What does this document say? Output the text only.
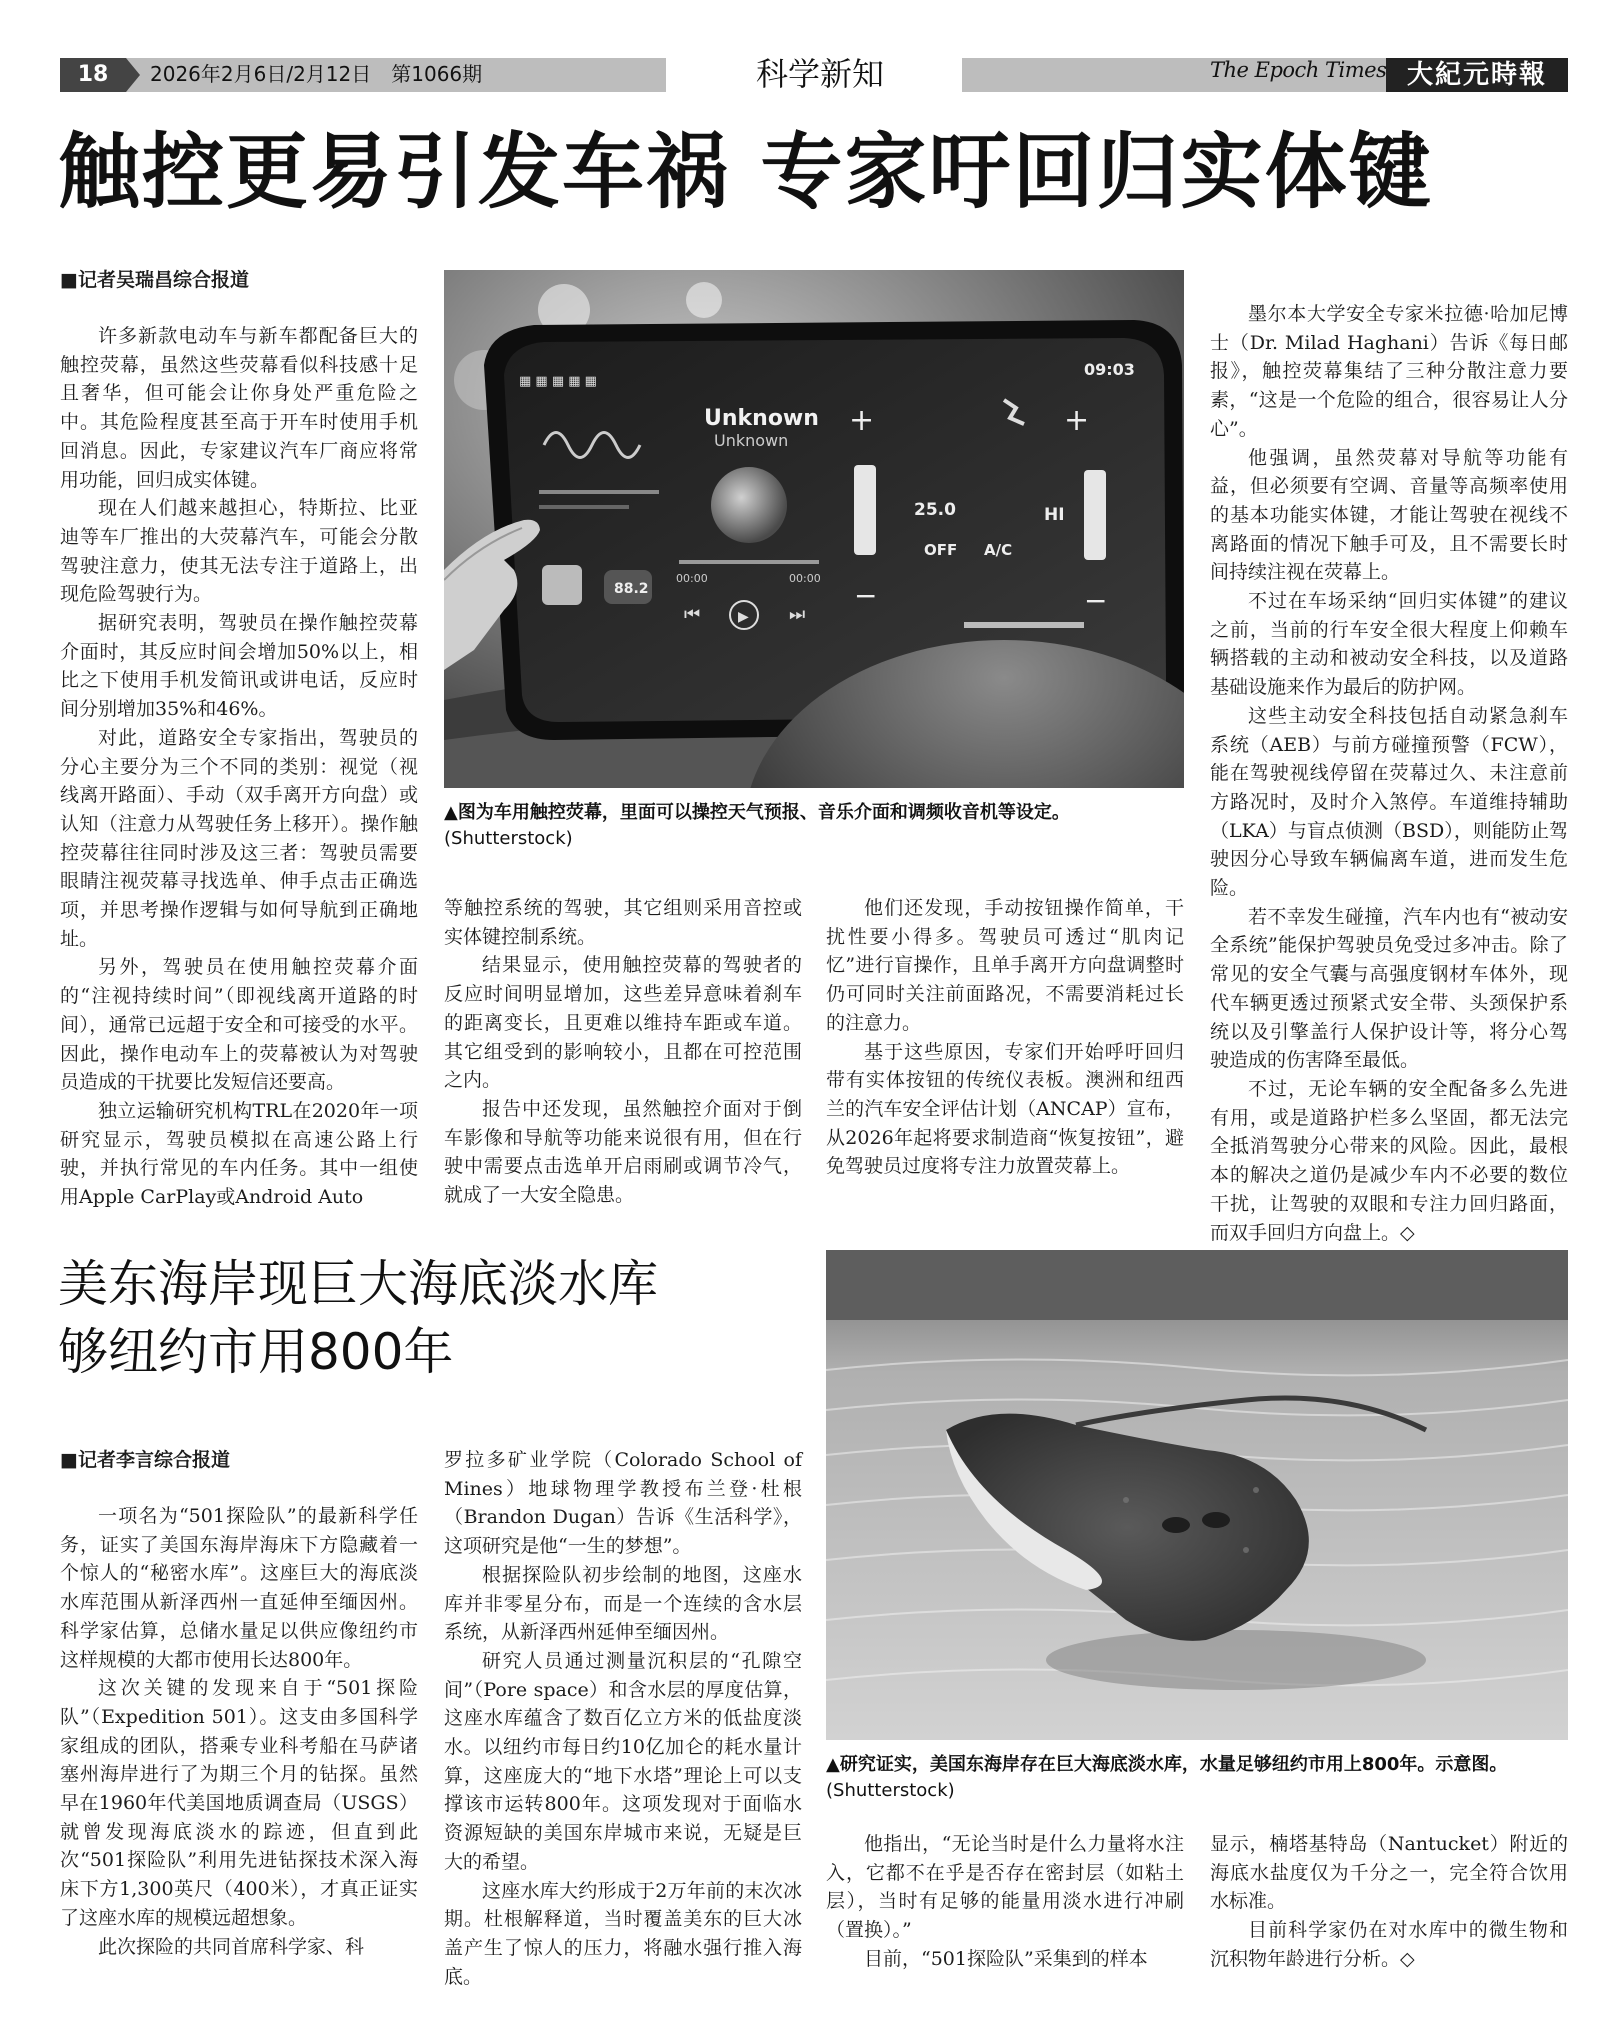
18	2026年2月6日/2月12日　第1066期	科学新知	The Epoch Times 大紀元時報
触控更易引发车祸 专家吁回归实体键

■记者吴瑞昌综合报道

许多新款电动车与新车都配备巨大的触控荧幕，虽然这些荧幕看似科技感十足且奢华，但可能会让你身处严重危险之中。其危险程度甚至高于开车时使用手机回消息。因此，专家建议汽车厂商应将常用功能，回归成实体键。

现在人们越来越担心，特斯拉、比亚迪等车厂推出的大荧幕汽车，可能会分散驾驶注意力，使其无法专注于道路上，出现危险驾驶行为。

据研究表明，驾驶员在操作触控荧幕介面时，其反应时间会增加50%以上，相比之下使用手机发简讯或讲电话，反应时间分别增加35%和46%。

对此，道路安全专家指出，驾驶员的分心主要分为三个不同的类别：视觉（视线离开路面）、手动（双手离开方向盘）或认知（注意力从驾驶任务上移开）。操作触控荧幕往往同时涉及这三者：驾驶员需要眼睛注视荧幕寻找选单、伸手点击正确选项，并思考操作逻辑与如何导航到正确地址。

另外，驾驶员在使用触控荧幕介面的“注视持续时间”（即视线离开道路的时间），通常已远超于安全和可接受的水平。因此，操作电动车上的荧幕被认为对驾驶员造成的干扰要比发短信还要高。

独立运输研究机构TRL在2020年一项研究显示，驾驶员模拟在高速公路上行驶，并执行常见的车内任务。其中一组使用Apple CarPlay或Android Auto

▦ ▦ ▦ ▦ ▦
09:03
88.2
Unknown
Unknown
00:00	00:00
⏮	▶ ⏭
+	+
25.0	HI
OFF A/C
−	−
▲图为车用触控荧幕，里面可以操控天气预报、音乐介面和调频收音机等设定。
(Shutterstock)

等触控系统的驾驶，其它组则采用音控或实体键控制系统。

结果显示，使用触控荧幕的驾驶者的反应时间明显增加，这些差异意味着刹车的距离变长，且更难以维持车距或车道。其它组受到的影响较小，且都在可控范围之内。

报告中还发现，虽然触控介面对于倒车影像和导航等功能来说很有用，但在行驶中需要点击选单开启雨刷或调节冷气，就成了一大安全隐患。

他们还发现，手动按钮操作简单，干扰性要小得多。驾驶员可透过“肌肉记忆”进行盲操作，且单手离开方向盘调整时仍可同时关注前面路况，不需要消耗过长的注意力。

基于这些原因，专家们开始呼吁回归带有实体按钮的传统仪表板。澳洲和纽西兰的汽车安全评估计划（ANCAP）宣布，从2026年起将要求制造商“恢复按钮”，避免驾驶员过度将专注力放置荧幕上。

墨尔本大学安全专家米拉德·哈加尼博士（Dr. Milad Haghani）告诉《每日邮报》，触控荧幕集结了三种分散注意力要素，“这是一个危险的组合，很容易让人分心”。

他强调，虽然荧幕对导航等功能有益，但必须要有空调、音量等高频率使用的基本功能实体键，才能让驾驶在视线不离路面的情况下触手可及，且不需要长时间持续注视在荧幕上。

不过在车场采纳“回归实体键”的建议之前，当前的行车安全很大程度上仰赖车辆搭载的主动和被动安全科技，以及道路基础设施来作为最后的防护网。

这些主动安全科技包括自动紧急刹车系统（AEB）与前方碰撞预警（FCW），能在驾驶视线停留在荧幕过久、未注意前方路况时，及时介入煞停。车道维持辅助（LKA）与盲点侦测（BSD），则能防止驾驶因分心导致车辆偏离车道，进而发生危险。

若不幸发生碰撞，汽车内也有“被动安全系统”能保护驾驶员免受过多冲击。除了常见的安全气囊与高强度钢材车体外，现代车辆更透过预紧式安全带、头颈保护系统以及引擎盖行人保护设计等，将分心驾驶造成的伤害降至最低。

不过，无论车辆的安全配备多么先进有用，或是道路护栏多么坚固，都无法完全抵消驾驶分心带来的风险。因此，最根本的解决之道仍是减少车内不必要的数位干扰，让驾驶的双眼和专注力回归路面，而双手回归方向盘上。◇

美东海岸现巨大海底淡水库
够纽约市用800年

■记者李言综合报道

一项名为“501探险队”的最新科学任务，证实了美国东海岸海床下方隐藏着一个惊人的“秘密水库”。这座巨大的海底淡水库范围从新泽西州一直延伸至缅因州。科学家估算，总储水量足以供应像纽约市这样规模的大都市使用长达800年。

这次关键的发现来自于“501探险队”（Expedition 501）。这支由多国科学家组成的团队，搭乘专业科考船在马萨诸塞州海岸进行了为期三个月的钻探。虽然早在1960年代美国地质调查局（USGS）就曾发现海底淡水的踪迹，但直到此次“501探险队”利用先进钻探技术深入海床下方1,300英尺（400米），才真正证实了这座水库的规模远超想象。

此次探险的共同首席科学家、科

罗拉多矿业学院（Colorado School of Mines）地球物理学教授布兰登·杜根（Brandon Dugan）告诉《生活科学》，这项研究是他“一生的梦想”。

根据探险队初步绘制的地图，这座水库并非零星分布，而是一个连续的含水层系统，从新泽西州延伸至缅因州。

研究人员通过测量沉积层的“孔隙空间”（Pore space）和含水层的厚度估算，这座水库蕴含了数百亿立方米的低盐度淡水。以纽约市每日约10亿加仑的耗水量计算，这座庞大的“地下水塔”理论上可以支撑该市运转800年。这项发现对于面临水资源短缺的美国东岸城市来说，无疑是巨大的希望。

这座水库大约形成于2万年前的末次冰期。杜根解释道，当时覆盖美东的巨大冰盖产生了惊人的压力，将融水强行推入海底。

▲研究证实，美国东海岸存在巨大海底淡水库，水量足够纽约市用上800年。示意图。
(Shutterstock)

他指出，“无论当时是什么力量将水注入，它都不在乎是否存在密封层（如粘土层），当时有足够的能量用淡水进行冲刷（置换）。”

目前，“501探险队”采集到的样本

显示，楠塔基特岛（Nantucket）附近的海底水盐度仅为千分之一，完全符合饮用水标准。

目前科学家仍在对水库中的微生物和沉积物年龄进行分析。◇
